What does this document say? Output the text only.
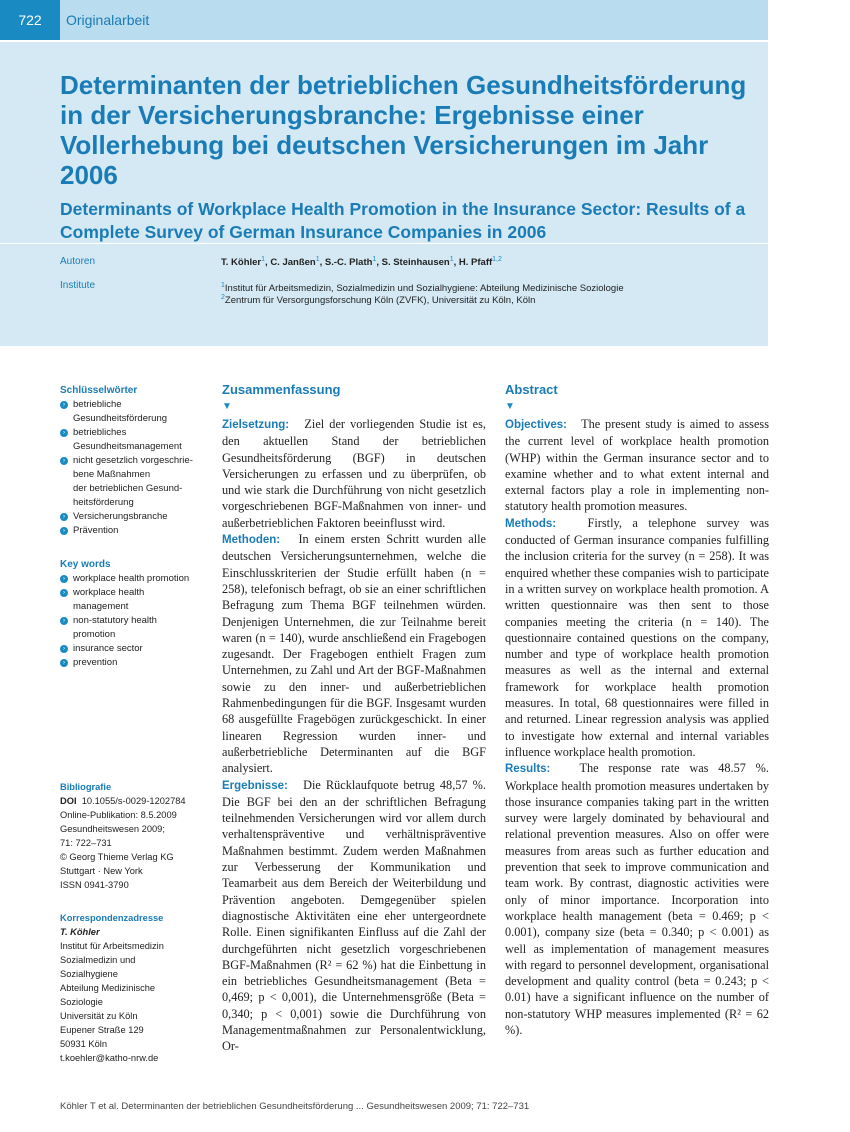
722	Originalarbeit
Determinanten der betrieblichen Gesundheitsförderung in der Versicherungsbranche: Ergebnisse einer Vollerhebung bei deutschen Versicherungen im Jahr 2006
Determinants of Workplace Health Promotion in the Insurance Sector: Results of a Complete Survey of German Insurance Companies in 2006
Autoren	T. Köhler$^1$, C. Janßen$^1$, S.-C. Plath$^1$, S. Steinhausen$^1$, H. Pfaff$^{1,2}$
Institute	$^1$Institut für Arbeitsmedizin, Sozialmedizin und Sozialhygiene: Abteilung Medizinische Soziologie
$^2$Zentrum für Versorgungsforschung Köln (ZVFK), Universität zu Köln, Köln
Schlüsselwörter
› betriebliche
Gesundheitsförderung
› betriebliches
Gesundheitsmanagement
› nicht gesetzlich vorgeschrie-
bene Maßnahmen
der betrieblichen Gesund-
heitsförderung
› Versicherungsbranche
› Prävention
Key words
› workplace health promotion
› workplace health
management
› non-statutory health
promotion
› insurance sector
› prevention
Bibliografie
DOI 10.1055/s-0029-1202784
Online-Publikation: 8.5.2009
Gesundheitswesen 2009;
71: 722–731
© Georg Thieme Verlag KG
Stuttgart · New York
ISSN 0941-3790
Korrespondenzadresse
T. Köhler
Institut für Arbeitsmedizin
Sozialmedizin und
Sozialhygiene
Abteilung Medizinische
Soziologie
Universität zu Köln
Eupener Straße 129
50931 Köln
t.koehler@katho-nrw.de
Zusammenfassung
▼

Zielsetzung: Ziel der vorliegenden Studie ist es, den aktuellen Stand der betrieblichen Gesundheitsförderung (BGF) in deutschen Versicherungen zu erfassen und zu überprüfen, ob und wie stark die Durchführung von nicht gesetzlich vorgeschriebenen BGF-Maßnahmen von inner- und außerbetrieblichen Faktoren beeinflusst wird.

Methoden: In einem ersten Schritt wurden alle deutschen Versicherungsunternehmen, welche die Einschlusskriterien der Studie erfüllt haben (n = 258), telefonisch befragt, ob sie an einer schriftlichen Befragung zum Thema BGF teilnehmen würden. Denjenigen Unternehmen, die zur Teilnahme bereit waren (n = 140), wurde anschließend ein Fragebogen zugesandt. Der Fragebogen enthielt Fragen zum Unternehmen, zu Zahl und Art der BGF-Maßnahmen sowie zu den inner- und außerbetrieblichen Rahmenbedingungen für die BGF. Insgesamt wurden 68 ausgefüllte Fragebögen zurückgeschickt. In einer linearen Regression wurden inner- und außerbetriebliche Determinanten auf die BGF analysiert.

Ergebnisse: Die Rücklaufquote betrug 48,57 %. Die BGF bei den an der schriftlichen Befragung teilnehmenden Versicherungen wird vor allem durch verhaltenspräventive und verhältnispräventive Maßnahmen bestimmt. Zudem werden Maßnahmen zur Verbesserung der Kommunikation und Teamarbeit aus dem Bereich der Weiterbildung und Prävention angeboten. Demgegenüber spielen diagnostische Aktivitäten eine eher untergeordnete Rolle. Einen signifikanten Einfluss auf die Zahl der durchgeführten nicht gesetzlich vorgeschriebenen BGF-Maßnahmen (R² = 62 %) hat die Einbettung in ein betriebliches Gesundheitsmanagement (Beta = 0,469; p < 0,001), die Unternehmensgröße (Beta = 0,340; p < 0,001) sowie die Durchführung von Managementmaßnahmen zur Personalentwicklung, Or-

Abstract
▼

Objectives: The present study is aimed to assess the current level of workplace health promotion (WHP) within the German insurance sector and to examine whether and to what extent internal and external factors play a role in implementing non-statutory health promotion measures.

Methods:	Firstly, a telephone survey was conducted of German insurance companies fulfilling the inclusion criteria for the survey (n = 258). It was enquired whether these companies wish to participate in a written survey on workplace health promotion. A written questionnaire was then sent to those companies meeting the criteria (n = 140). The questionnaire contained questions on the company, number and type of workplace health promotion measures as well as the internal and external framework for workplace health promotion measures. In total, 68 questionnaires were filled in and returned. Linear regression analysis was applied to investigate how external and internal variables influence workplace health promotion.

Results: The response rate was 48.57 %. Workplace health promotion measures undertaken by those insurance companies taking part in the written survey were largely dominated by behavioural and relational prevention measures. Also on offer were measures from areas such as further education and prevention that seek to improve communication and team work. By contrast, diagnostic activities were only of minor importance. Incorporation into workplace health management (beta = 0.469; p < 0.001), company size (beta = 0.340; p < 0.001) as well as implementation of management measures with regard to personnel development, organisational development and quality control (beta = 0.243; p < 0.01) have a significant influence on the number of non-statutory WHP measures implemented (R² = 62 %).

Köhler T et al. Determinanten der betrieblichen Gesundheitsförderung ... Gesundheitswesen 2009; 71: 722–731
